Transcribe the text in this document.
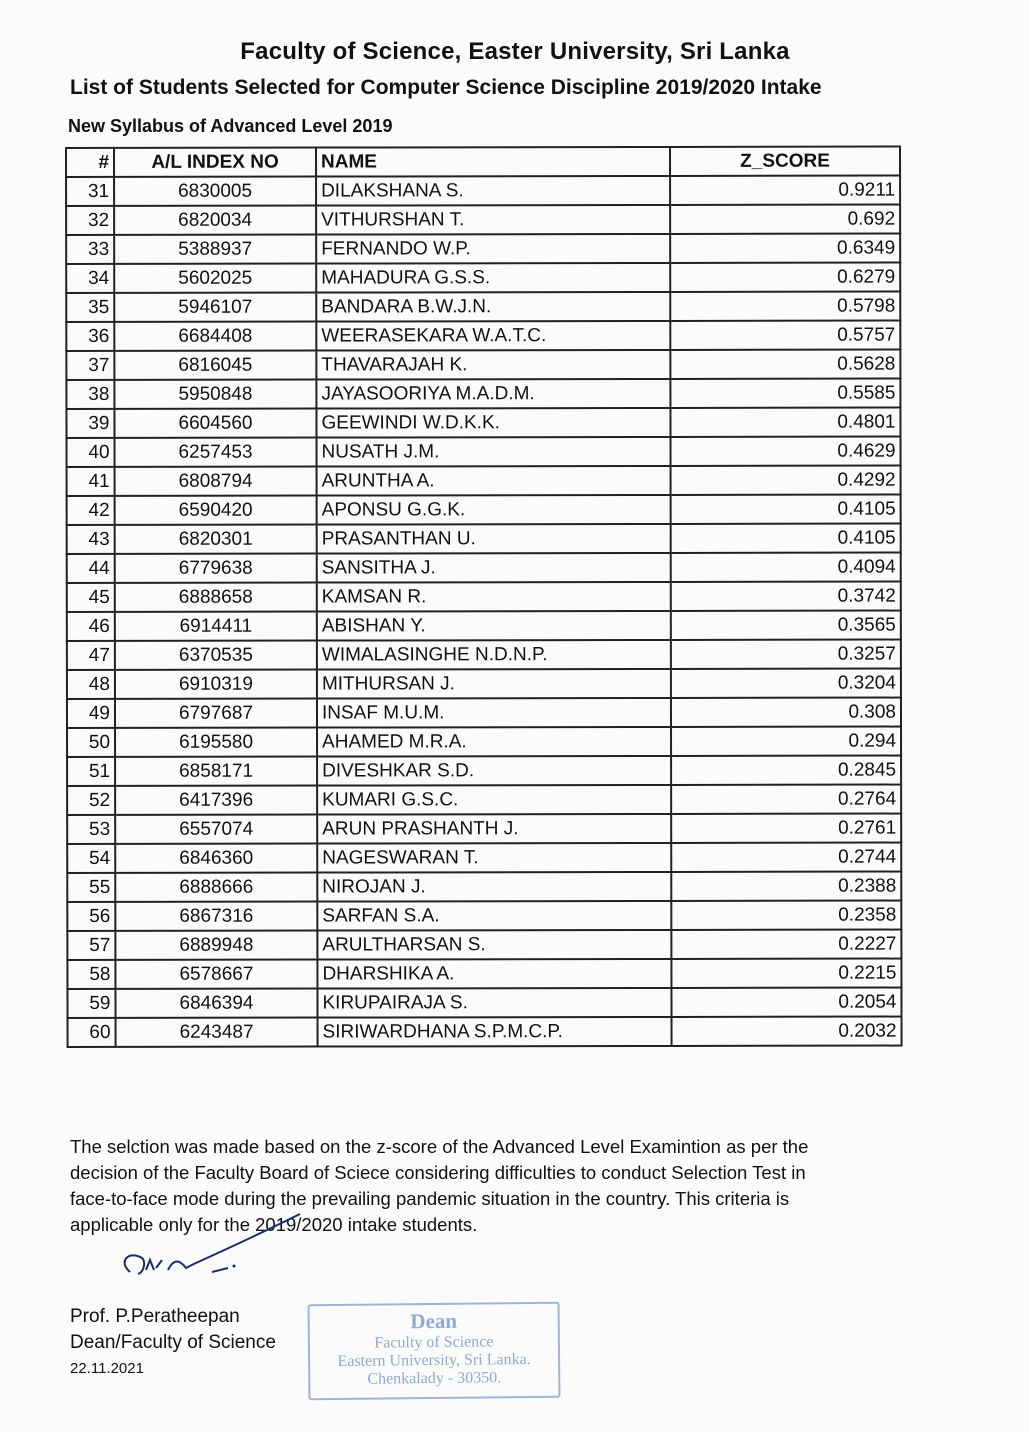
Faculty of Science, Easter University, Sri Lanka
List of Students Selected for Computer Science Discipline 2019/2020 Intake
New Syllabus of Advanced Level 2019
#	A/L INDEX NO	NAME	Z_SCORE
31	6830005	DILAKSHANA S.	0.9211
32	6820034	VITHURSHAN T.	0.692
33	5388937	FERNANDO W.P.	0.6349
34	5602025	MAHADURA G.S.S.	0.6279
35	5946107	BANDARA B.W.J.N.	0.5798
36	6684408	WEERASEKARA W.A.T.C.	0.5757
37	6816045	THAVARAJAH K.	0.5628
38	5950848	JAYASOORIYA M.A.D.M.	0.5585
39	6604560	GEEWINDI W.D.K.K.	0.4801
40	6257453	NUSATH J.M.	0.4629
41	6808794	ARUNTHA A.	0.4292
42	6590420	APONSU G.G.K.	0.4105
43	6820301	PRASANTHAN U.	0.4105
44	6779638	SANSITHA J.	0.4094
45	6888658	KAMSAN R.	0.3742
46	6914411	ABISHAN Y.	0.3565
47	6370535	WIMALASINGHE N.D.N.P.	0.3257
48	6910319	MITHURSAN J.	0.3204
49	6797687	INSAF M.U.M.	0.308
50	6195580	AHAMED M.R.A.	0.294
51	6858171	DIVESHKAR S.D.	0.2845
52	6417396	KUMARI G.S.C.	0.2764
53	6557074	ARUN PRASHANTH J.	0.2761
54	6846360	NAGESWARAN T.	0.2744
55	6888666	NIROJAN J.	0.2388
56	6867316	SARFAN S.A.	0.2358
57	6889948	ARULTHARSAN S.	0.2227
58	6578667	DHARSHIKA A.	0.2215
59	6846394	KIRUPAIRAJA S.	0.2054
60	6243487	SIRIWARDHANA S.P.M.C.P.	0.2032
The selction was made based on the z-score of the Advanced Level Examintion as per the
decision of the Faculty Board of Sciece considering difficulties to conduct Selection Test in
face-to-face mode during the prevailing pandemic situation in the country. This criteria is
applicable only for the 2019/2020 intake students.
Prof. P.Peratheepan
Dean/Faculty of Science
22.11.2021
Dean
Faculty of Science
Eastern University, Sri Lanka.
Chenkalady - 30350.
